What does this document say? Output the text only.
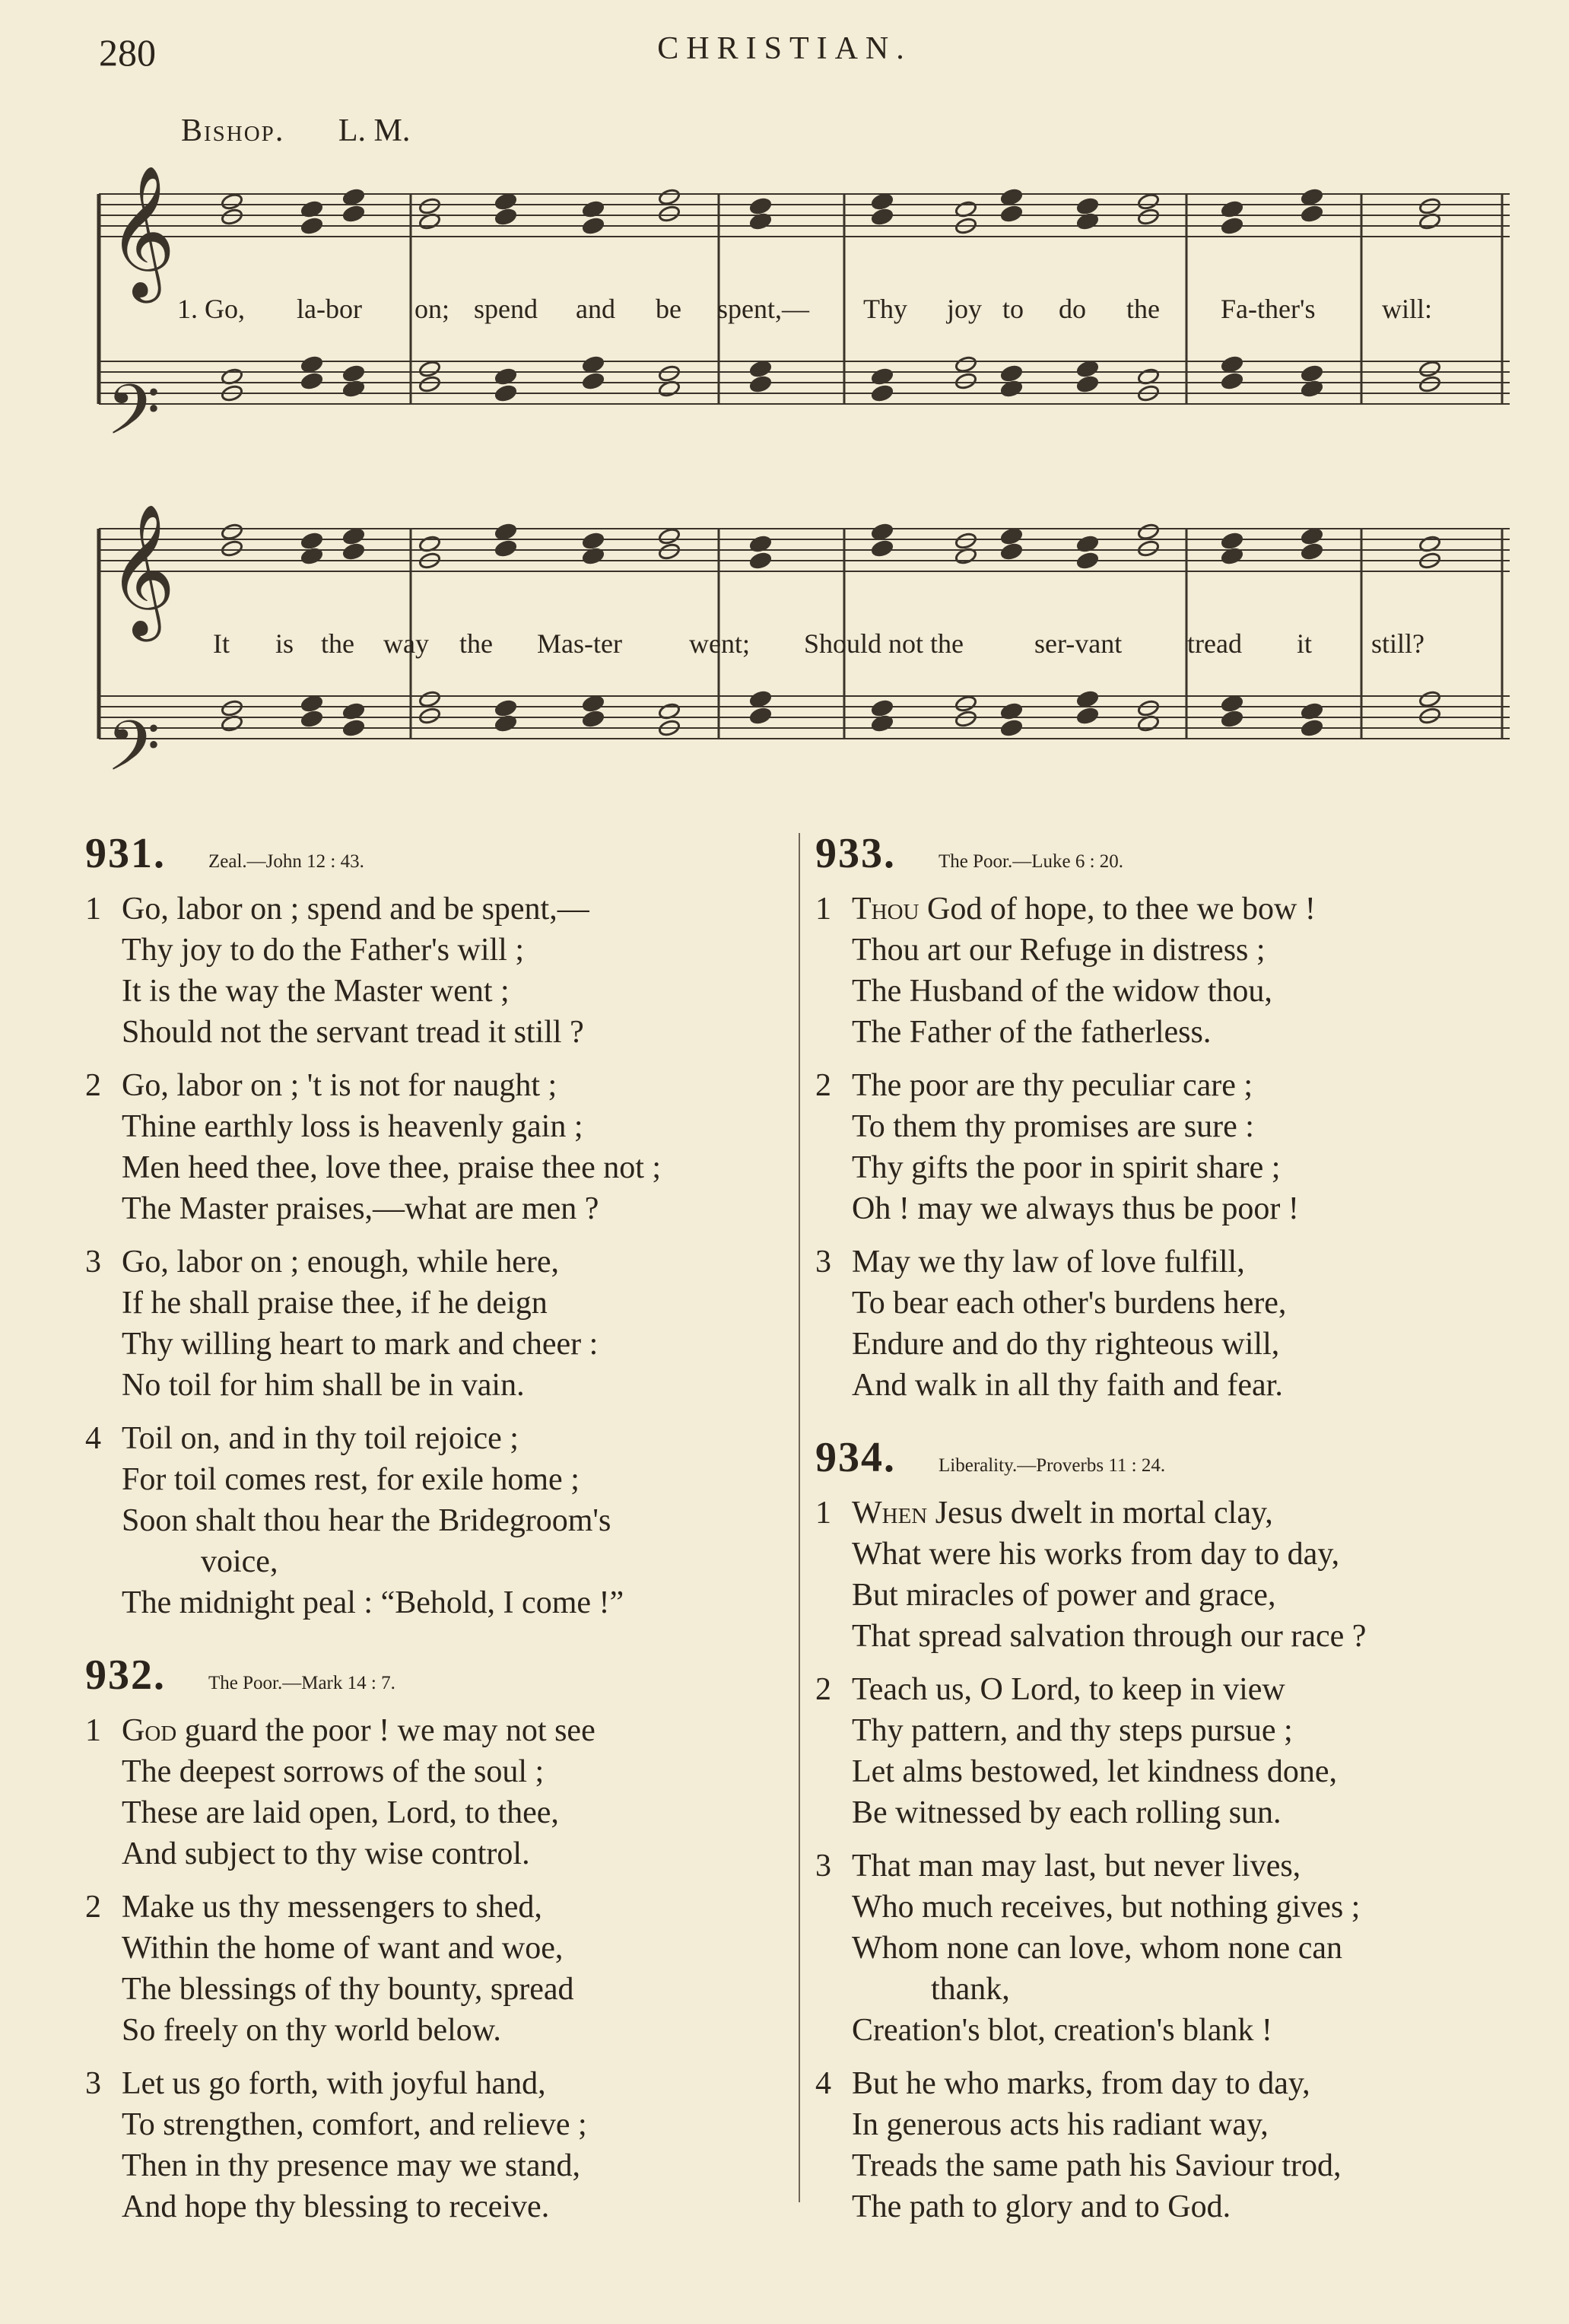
280	CHRISTIAN.
Bishop. L. M.
𝄞
𝄢
𝄞
𝄢
1. Go, la-bor on; spend and be spent,— Thy joy to do the Fa-ther's will:
It is the way the Mas-ter went; Should not the	ser-vant tread it still?
931. Zeal.—John 12 : 43.
1 Go, labor on ; spend and be spent,—
Thy joy to do the Father's will ;
It is the way the Master went ;
Should not the servant tread it still ?
2 Go, labor on ; 't is not for naught ;
Thine earthly loss is heavenly gain ;
Men heed thee, love thee, praise thee not ;
The Master praises,—what are men ?
3 Go, labor on ; enough, while here,
If he shall praise thee, if he deign
Thy willing heart to mark and cheer :
No toil for him shall be in vain.
4 Toil on, and in thy toil rejoice ;
For toil comes rest, for exile home ;
Soon shalt thou hear the Bridegroom's
voice,
The midnight peal : “Behold, I come !”
932. The Poor.—Mark 14 : 7.
1 God guard the poor ! we may not see
The deepest sorrows of the soul ;
These are laid open, Lord, to thee,
And subject to thy wise control.
2 Make us thy messengers to shed,
Within the home of want and woe,
The blessings of thy bounty, spread
So freely on thy world below.
3 Let us go forth, with joyful hand,
To strengthen, comfort, and relieve ;
Then in thy presence may we stand,
And hope thy blessing to receive.
933. The Poor.—Luke 6 : 20.
1 Thou God of hope, to thee we bow !
Thou art our Refuge in distress ;
The Husband of the widow thou,
The Father of the fatherless.
2 The poor are thy peculiar care ;
To them thy promises are sure :
Thy gifts the poor in spirit share ;
Oh ! may we always thus be poor !
3 May we thy law of love fulfill,
To bear each other's burdens here,
Endure and do thy righteous will,
And walk in all thy faith and fear.
934. Liberality.—Proverbs 11 : 24.
1 When Jesus dwelt in mortal clay,
What were his works from day to day,
But miracles of power and grace,
That spread salvation through our race ?
2 Teach us, O Lord, to keep in view
Thy pattern, and thy steps pursue ;
Let alms bestowed, let kindness done,
Be witnessed by each rolling sun.
3 That man may last, but never lives,
Who much receives, but nothing gives ;
Whom none can love, whom none can
thank,
Creation's blot, creation's blank !
4 But he who marks, from day to day,
In generous acts his radiant way,
Treads the same path his Saviour trod,
The path to glory and to God.
